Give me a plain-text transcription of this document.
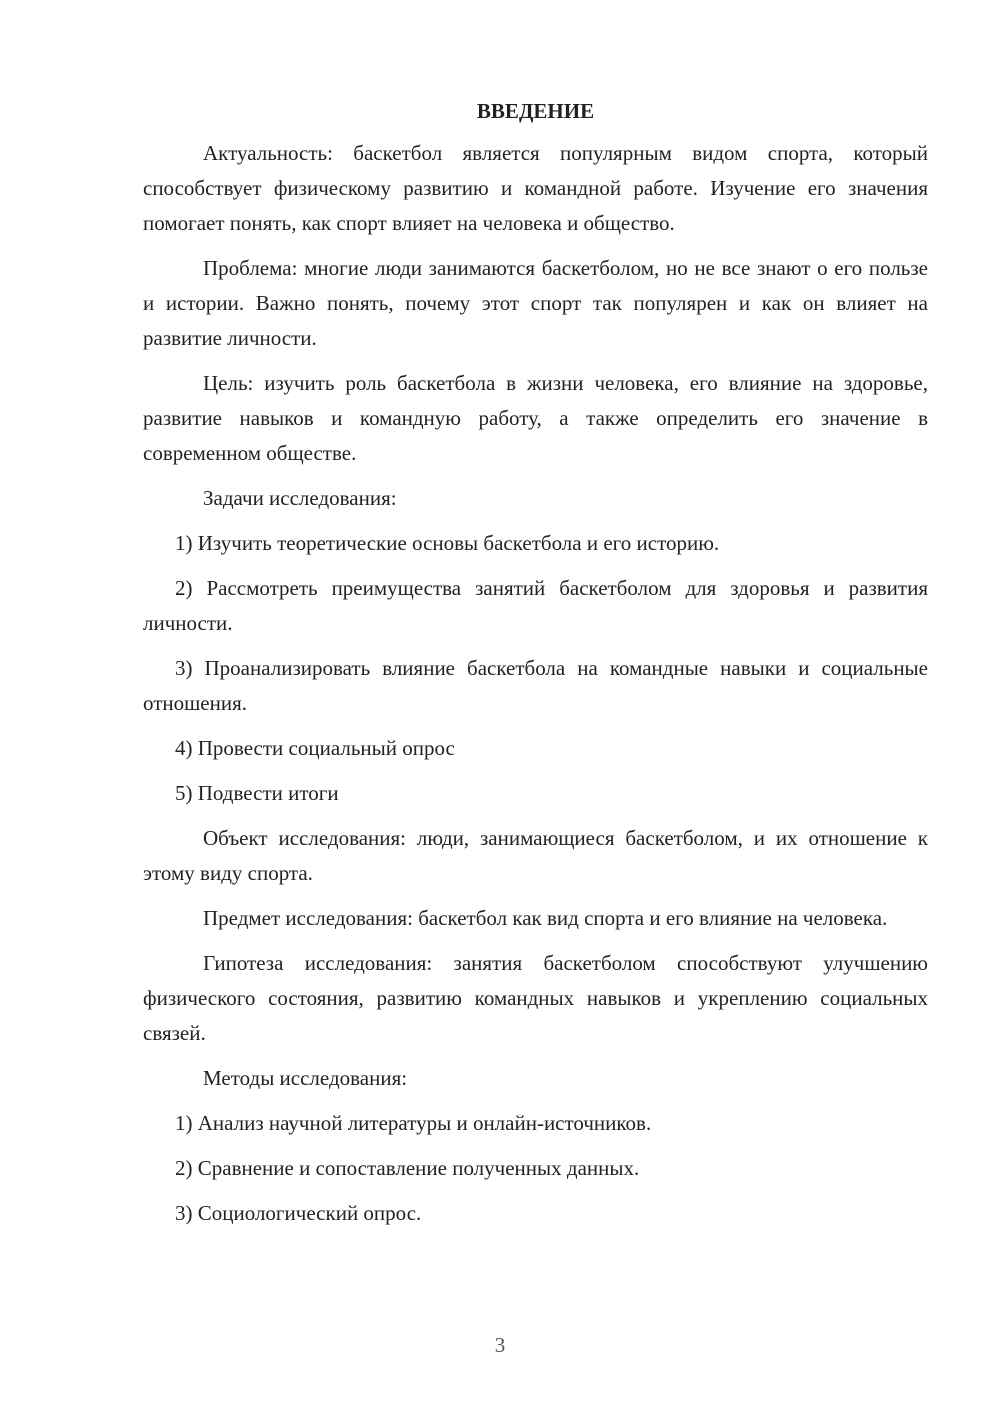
ВВЕДЕНИЕ

Актуальность: баскетбол является популярным видом спорта, который способствует физическому развитию и командной работе. Изучение его значения помогает понять, как спорт влияет на человека и общество.

Проблема: многие люди занимаются баскетболом, но не все знают о его пользе и истории. Важно понять, почему этот спорт так популярен и как он влияет на развитие личности.

Цель: изучить роль баскетбола в жизни человека, его влияние на здоровье, развитие навыков и командную работу, а также определить его значение в современном обществе.

Задачи исследования:

1) Изучить теоретические основы баскетбола и его историю.

2) Рассмотреть преимущества занятий баскетболом для здоровья и развития личности.

3) Проанализировать влияние баскетбола на командные навыки и социальные отношения.

4) Провести социальный опрос

5) Подвести итоги

Объект исследования: люди, занимающиеся баскетболом, и их отношение к этому виду спорта.

Предмет исследования: баскетбол как вид спорта и его влияние на человека.

Гипотеза исследования: занятия баскетболом способствуют улучшению физического состояния, развитию командных навыков и укреплению социальных связей.

Методы исследования:

1) Анализ научной литературы и онлайн-источников.

2) Сравнение и сопоставление полученных данных.

3) Социологический опрос.

3
